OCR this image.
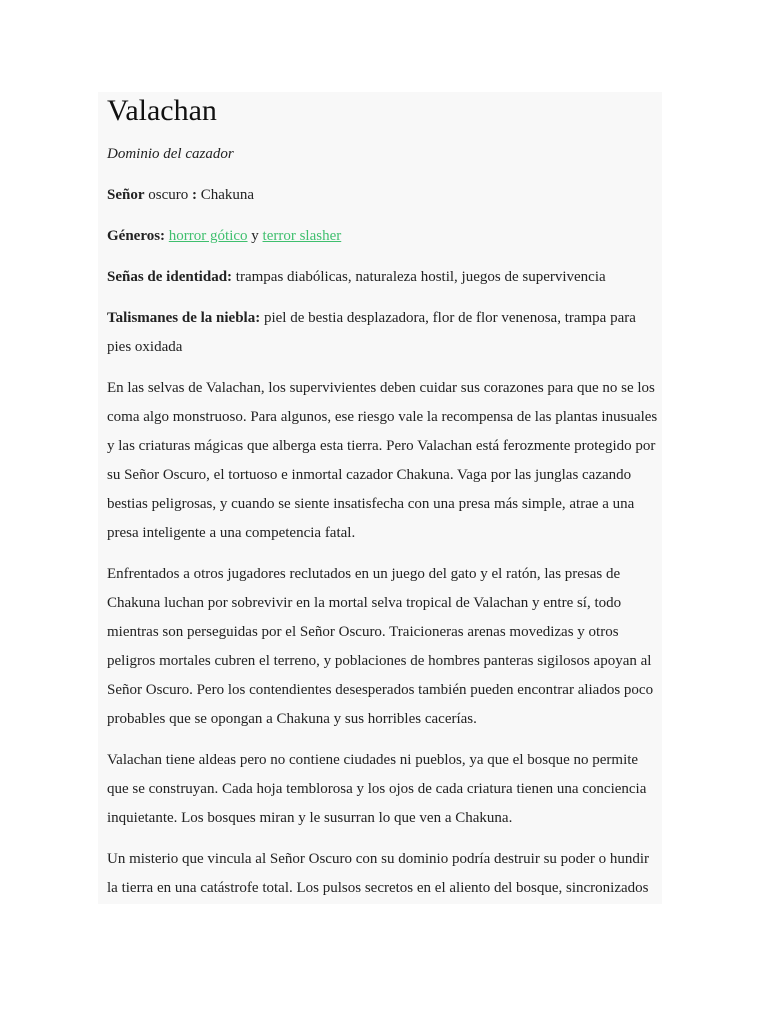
Valachan

Dominio del cazador

Señor oscuro : Chakuna

Géneros: horror gótico y terror slasher

Señas de identidad: trampas diabólicas, naturaleza hostil, juegos de supervivencia

Talismanes de la niebla: piel de bestia desplazadora, flor de flor venenosa, trampa para pies oxidada

En las selvas de Valachan, los supervivientes deben cuidar sus corazones para que no se los coma algo monstruoso. Para algunos, ese riesgo vale la recompensa de las plantas inusuales y las criaturas mágicas que alberga esta tierra. Pero Valachan está ferozmente protegido por su Señor Oscuro, el tortuoso e inmortal cazador Chakuna. Vaga por las junglas cazando bestias peligrosas, y cuando se siente insatisfecha con una presa más simple, atrae a una presa inteligente a una competencia fatal.

Enfrentados a otros jugadores reclutados en un juego del gato y el ratón, las presas de Chakuna luchan por sobrevivir en la mortal selva tropical de Valachan y entre sí, todo mientras son perseguidas por el Señor Oscuro. Traicioneras arenas movedizas y otros peligros mortales cubren el terreno, y poblaciones de hombres panteras sigilosos apoyan al Señor Oscuro. Pero los contendientes desesperados también pueden encontrar aliados poco probables que se opongan a Chakuna y sus horribles cacerías.

Valachan tiene aldeas pero no contiene ciudades ni pueblos, ya que el bosque no permite que se construyan. Cada hoja temblorosa y los ojos de cada criatura tienen una conciencia inquietante. Los bosques miran y le susurran lo que ven a Chakuna.

Un misterio que vincula al Señor Oscuro con su dominio podría destruir su poder o hundir la tierra en una catástrofe total. Los pulsos secretos en el aliento del bosque, sincronizados
